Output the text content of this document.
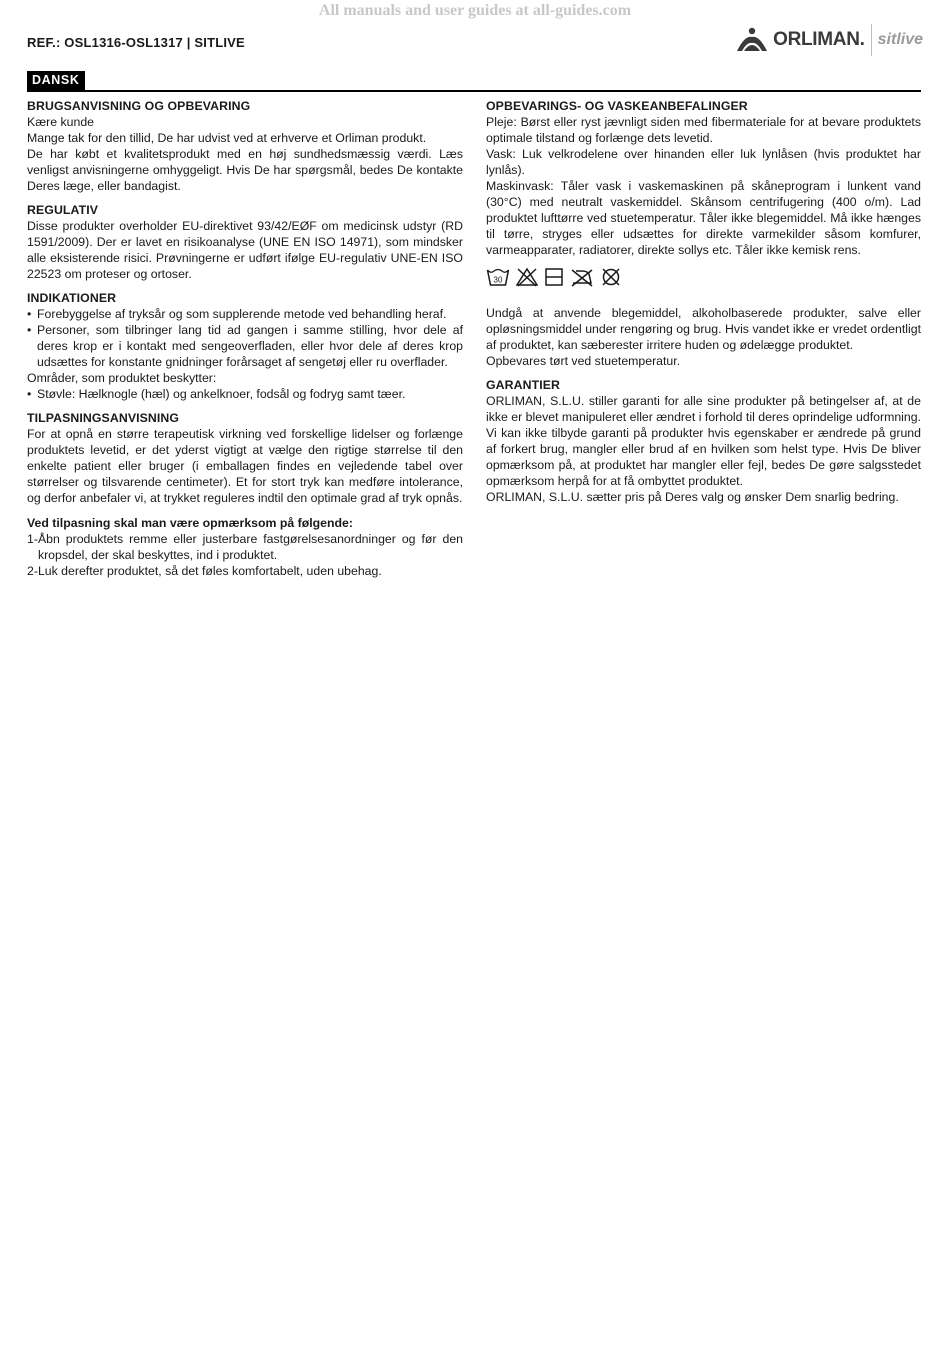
All manuals and user guides at all-guides.com
REF.: OSL1316-OSL1317 | SITLIVE	ORLIMAN. sitlive
DANSK
BRUGSANVISNING OG OPBEVARING

Kære kunde

Mange tak for den tillid, De har udvist ved at erhverve et Orliman produkt.

De har købt et kvalitetsprodukt med en høj sundhedsmæssig værdi. Læs venligst anvisningerne omhyggeligt. Hvis De har spørgsmål, bedes De kontakte Deres læge, eller bandagist.

REGULATIV

Disse produkter overholder EU-direktivet 93/42/EØF om medicinsk udstyr (RD 1591/2009). Der er lavet en risikoanalyse (UNE EN ISO 14971), som mindsker alle eksisterende risici. Prøvningerne er udført ifølge EU-regulativ UNE-EN ISO 22523 om proteser og ortoser.

INDIKATIONER
• Forebyggelse af tryksår og som supplerende metode ved behandling heraf.
• Personer, som tilbringer lang tid ad gangen i samme stilling, hvor dele af deres krop er i kontakt med sengeoverfladen, eller hvor dele af deres krop udsættes for konstante gnidninger forårsaget af sengetøj eller ru overflader.

Områder, som produktet beskytter:

• Støvle: Hælknogle (hæl) og ankelknoer, fodsål og fodryg samt tæer.
TILPASNINGSANVISNING

For at opnå en større terapeutisk virkning ved forskellige lidelser og forlænge produktets levetid, er det yderst vigtigt at vælge den rigtige størrelse til den enkelte patient eller bruger (i emballagen findes en vejledende tabel over størrelser og tilsvarende centimeter). Et for stort tryk kan medføre intolerance, og derfor anbefaler vi, at trykket reguleres indtil den optimale grad af tryk opnås.

Ved tilpasning skal man være opmærksom på følgende:

1- Åbn produktets remme eller justerbare fastgørelsesanordninger og før den kropsdel, der skal beskyttes, ind i produktet.
2- Luk derefter produktet, så det føles komfortabelt, uden ubehag.
OPBEVARINGS- OG VASKEANBEFALINGER

Pleje: Børst eller ryst jævnligt siden med fibermateriale for at bevare produktets optimale tilstand og forlænge dets levetid.

Vask: Luk velkrodelene over hinanden eller luk lynlåsen (hvis produktet har lynlås).

Maskinvask: Tåler vask i vaskemaskinen på skåneprogram i lunkent vand (30°C) med neutralt vaskemiddel. Skånsom centrifugering (400 o/m). Lad produktet lufttørre ved stuetemperatur. Tåler ikke blegemiddel. Må ikke hænges til tørre, stryges eller udsættes for direkte varmekilder såsom komfurer, varmeapparater, radiatorer, direkte sollys etc. Tåler ikke kemisk rens.

30

Undgå at anvende blegemiddel, alkoholbaserede produkter, salve eller opløsningsmiddel under rengøring og brug. Hvis vandet ikke er vredet ordentligt af produktet, kan sæberester irritere huden og ødelægge produktet.

Opbevares tørt ved stuetemperatur.

GARANTIER

ORLIMAN, S.L.U. stiller garanti for alle sine produkter på betingelser af, at de ikke er blevet manipuleret eller ændret i forhold til deres oprindelige udformning. Vi kan ikke tilbyde garanti på produkter hvis egenskaber er ændrede på grund af forkert brug, mangler eller brud af en hvilken som helst type. Hvis De bliver opmærksom på, at produktet har mangler eller fejl, bedes De gøre salgsstedet opmærksom herpå for at få ombyttet produktet.

ORLIMAN, S.L.U. sætter pris på Deres valg og ønsker Dem snarlig bedring.
